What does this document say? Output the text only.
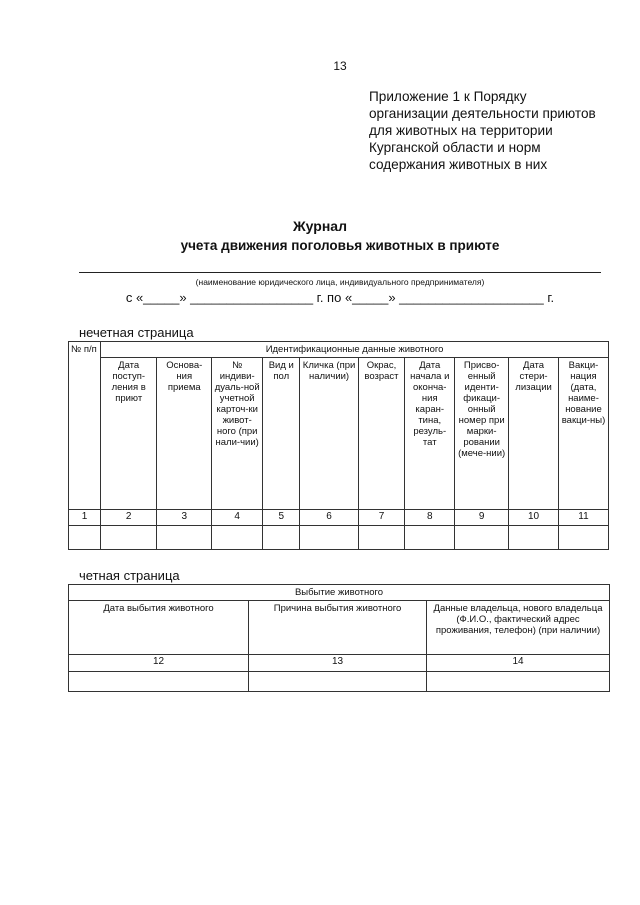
13
Приложение 1 к Порядку
организации деятельности приютов
для животных на территории
Курганской области и норм
содержания животных в них
Журнал
учета движения поголовья животных в приюте
(наименование юридического лица, индивидуального предпринимателя)
с «_____» _________________ г. по «_____» ____________________ г.
нечетная страница
№ п/п	Идентификационные данные животного									
	Дата поступ-ления в приют	Основа-ния приема	№ индиви-дуаль-ной учетной карточ-ки живот-ного (при нали-чии)	Вид и пол	Кличка (при наличии)	Окрас, возраст	Дата начала и оконча-ния каран-тина, резуль-тат	Присво-енный иденти-фикаци-онный номер при марки-ровании (мече-нии)	Дата стери-лизации	Вакци-нация (дата, наиме-нование вакци-ны)
1	2	3	4	5	6	7	8	9	10	11

четная страница
Выбытие животного		
Дата выбытия животного	Причина выбытия животного	Данные владельца, нового владельца (Ф.И.О., фактический адрес проживания, телефон) (при наличии)
12	13	14
